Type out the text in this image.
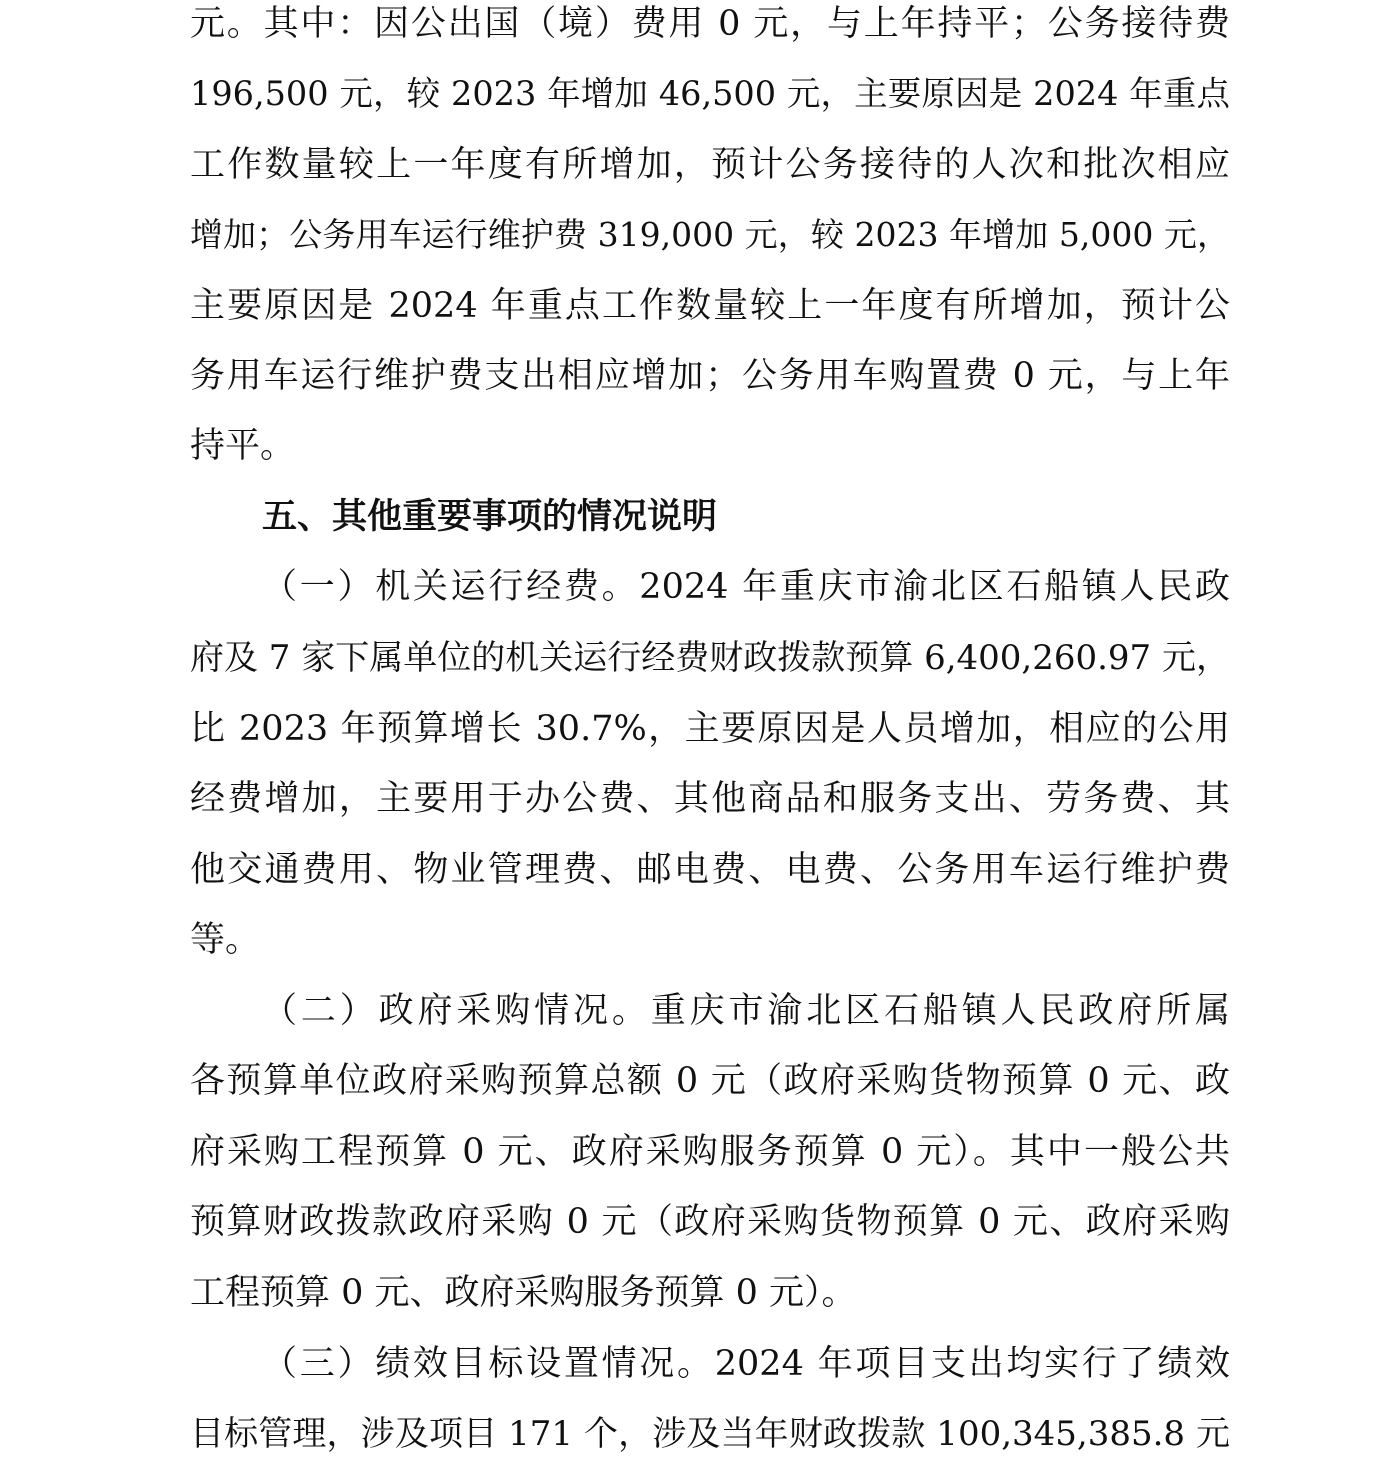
元。其中：因公出国（境）费用 0 元，与上年持平；公务接待费
196,500 元，较 2023 年增加 46,500 元，主要原因是 2024 年重点
工作数量较上一年度有所增加，预计公务接待的人次和批次相应
增加；公务用车运行维护费 319,000 元，较 2023 年增加 5,000 元，
主要原因是 2024 年重点工作数量较上一年度有所增加，预计公
务用车运行维护费支出相应增加；公务用车购置费 0 元，与上年
持平。
五、其他重要事项的情况说明
（一）机关运行经费。2024 年重庆市渝北区石船镇人民政
府及 7 家下属单位的机关运行经费财政拨款预算 6,400,260.97 元，
比 2023 年预算增长 30.7%，主要原因是人员增加，相应的公用
经费增加，主要用于办公费、其他商品和服务支出、劳务费、其
他交通费用、物业管理费、邮电费、电费、公务用车运行维护费
等。
（二）政府采购情况。重庆市渝北区石船镇人民政府所属
各预算单位政府采购预算总额 0 元（政府采购货物预算 0 元、政
府采购工程预算 0 元、政府采购服务预算 0 元）。其中一般公共
预算财政拨款政府采购 0 元（政府采购货物预算 0 元、政府采购
工程预算 0 元、政府采购服务预算 0 元）。
（三）绩效目标设置情况。2024 年项目支出均实行了绩效
目标管理，涉及项目 171 个，涉及当年财政拨款 100,345,385.8 元
